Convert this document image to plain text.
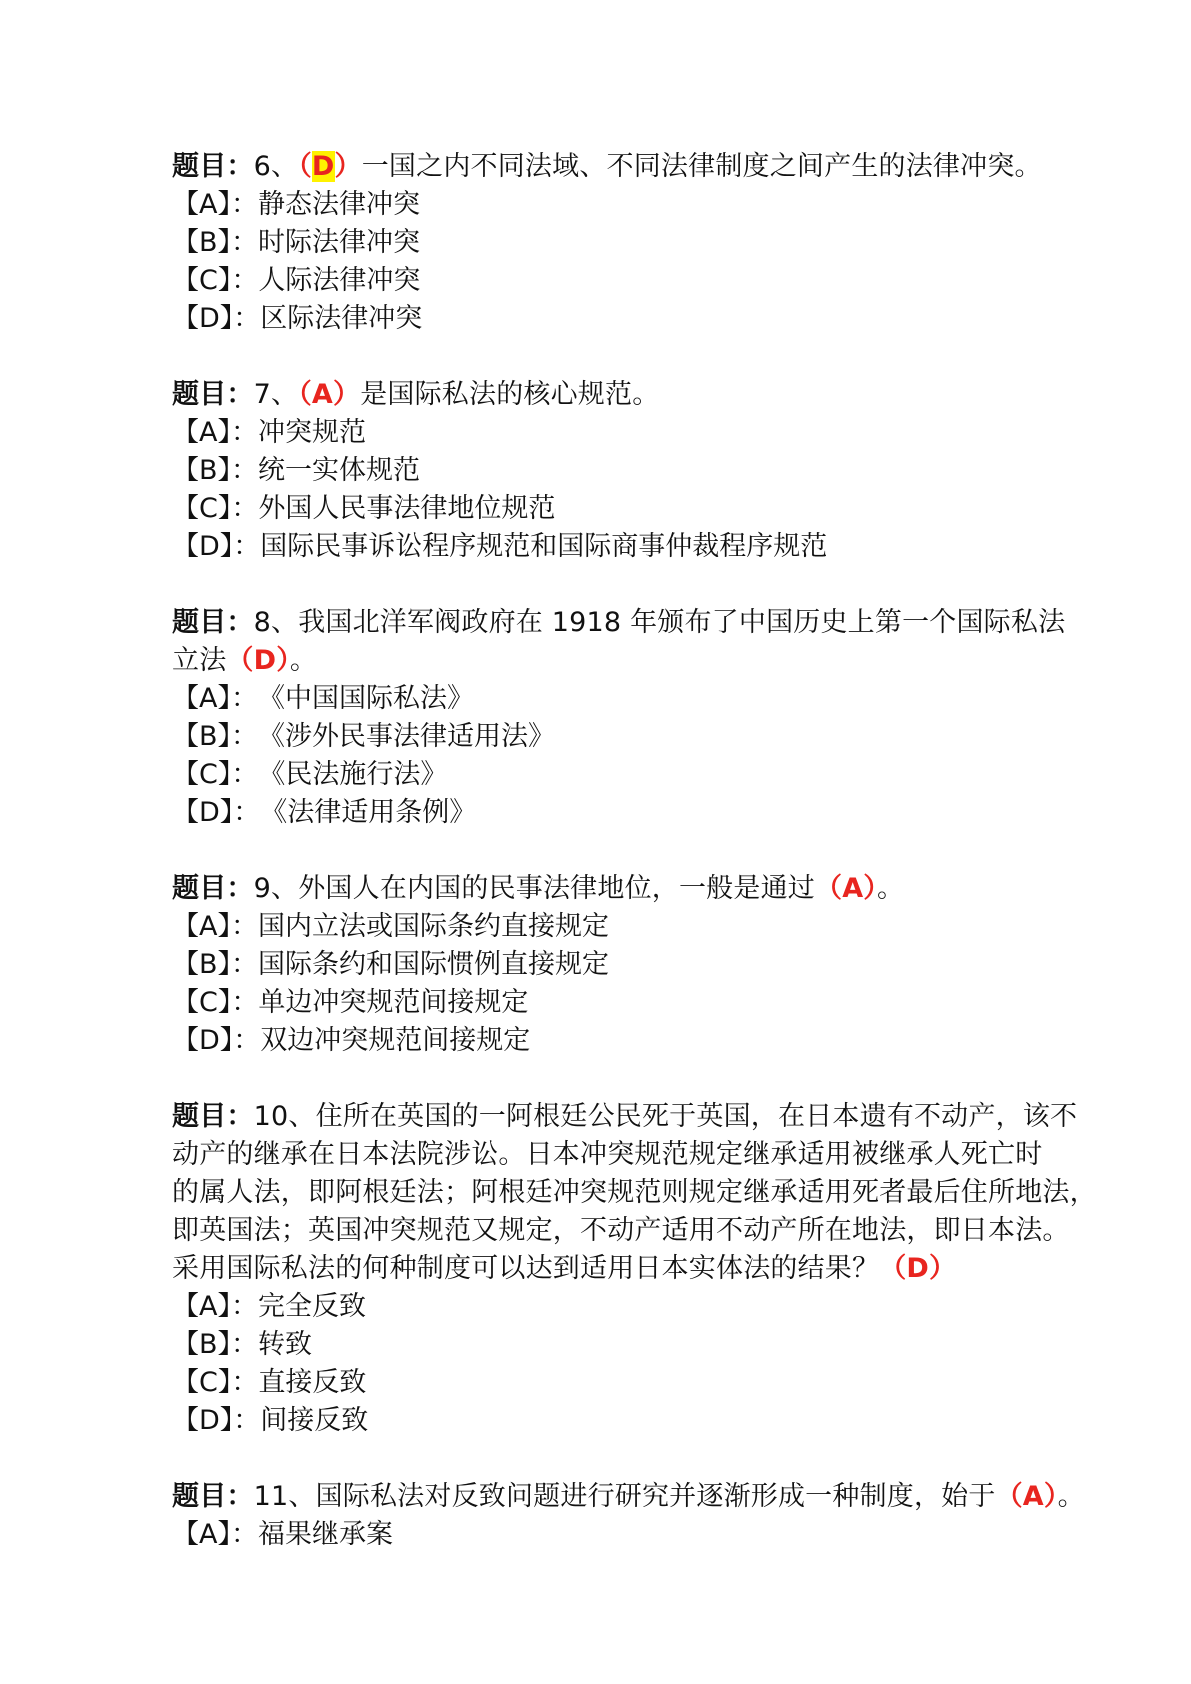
题目：6、（D）一国之内不同法域、不同法律制度之间产生的法律冲突。

【A】：静态法律冲突

【B】：时际法律冲突

【C】：人际法律冲突

【D】：区际法律冲突

题目：7、（A）是国际私法的核心规范。

【A】：冲突规范

【B】：统一实体规范

【C】：外国人民事法律地位规范

【D】：国际民事诉讼程序规范和国际商事仲裁程序规范

题目：8、我国北洋军阀政府在 1918 年颁布了中国历史上第一个国际私法

立法（D）。

【A】：《中国国际私法》

【B】：《涉外民事法律适用法》

【C】：《民法施行法》

【D】：《法律适用条例》

题目：9、外国人在内国的民事法律地位，一般是通过（A）。

【A】：国内立法或国际条约直接规定

【B】：国际条约和国际惯例直接规定

【C】：单边冲突规范间接规定

【D】：双边冲突规范间接规定

题目：10、住所在英国的一阿根廷公民死于英国，在日本遗有不动产，该不

动产的继承在日本法院涉讼。日本冲突规范规定继承适用被继承人死亡时

的属人法，即阿根廷法；阿根廷冲突规范则规定继承适用死者最后住所地法，

即英国法；英国冲突规范又规定，不动产适用不动产所在地法，即日本法。

采用国际私法的何种制度可以达到适用日本实体法的结果？（D）

【A】：完全反致

【B】：转致

【C】：直接反致

【D】：间接反致

题目：11、国际私法对反致问题进行研究并逐渐形成一种制度，始于（A）。

【A】：福果继承案
